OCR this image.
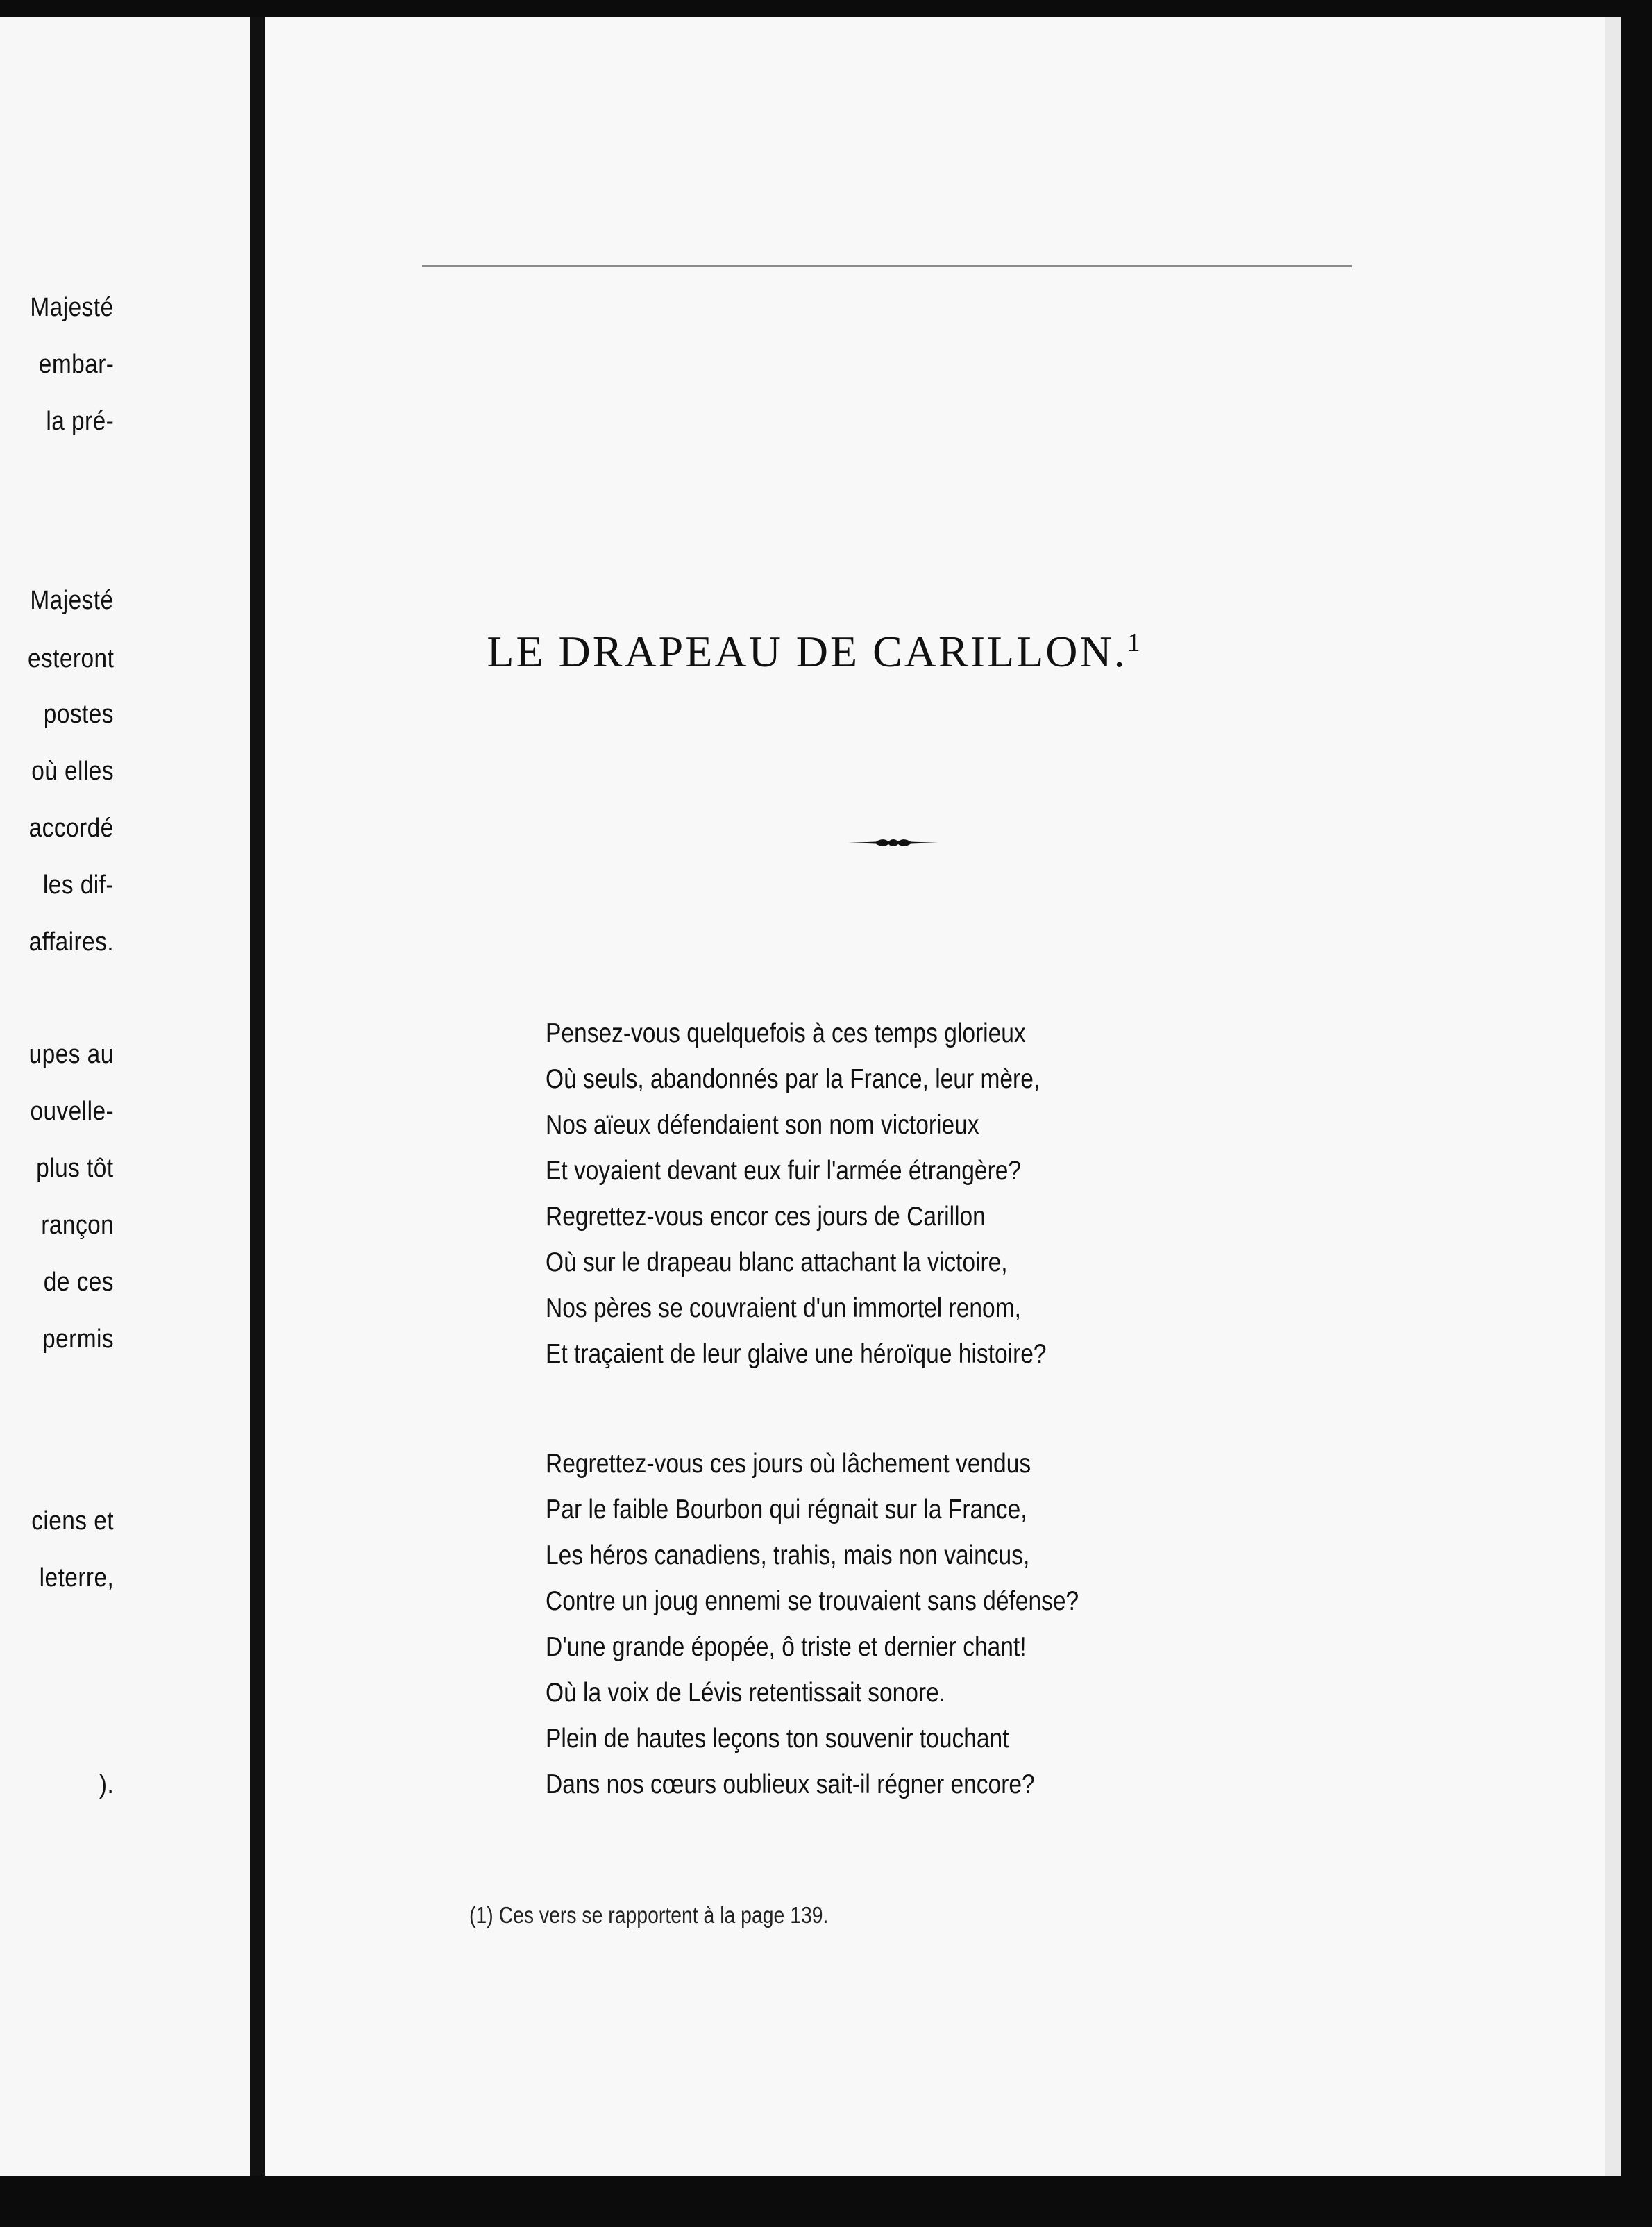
Majesté
embar-
la pré-
Majesté
esteront
postes
où elles
accordé
les dif-
affaires.
upes au
ouvelle-
plus tôt
rançon
de ces
permis
ciens et
leterre,
).
LE DRAPEAU DE CARILLON.$^1$
Pensez-vous quelquefois à ces temps glorieux
Où seuls, abandonnés par la France, leur mère,
Nos aïeux défendaient son nom victorieux
Et voyaient devant eux fuir l'armée étrangère?
Regrettez-vous encor ces jours de Carillon
Où sur le drapeau blanc attachant la victoire,
Nos pères se couvraient d'un immortel renom,
Et traçaient de leur glaive une héroïque histoire?
Regrettez-vous ces jours où lâchement vendus
Par le faible Bourbon qui régnait sur la France,
Les héros canadiens, trahis, mais non vaincus,
Contre un joug ennemi se trouvaient sans défense?
D'une grande épopée, ô triste et dernier chant!
Où la voix de Lévis retentissait sonore.
Plein de hautes leçons ton souvenir touchant
Dans nos cœurs oublieux sait-il régner encore?
(1) Ces vers se rapportent à la page 139.
